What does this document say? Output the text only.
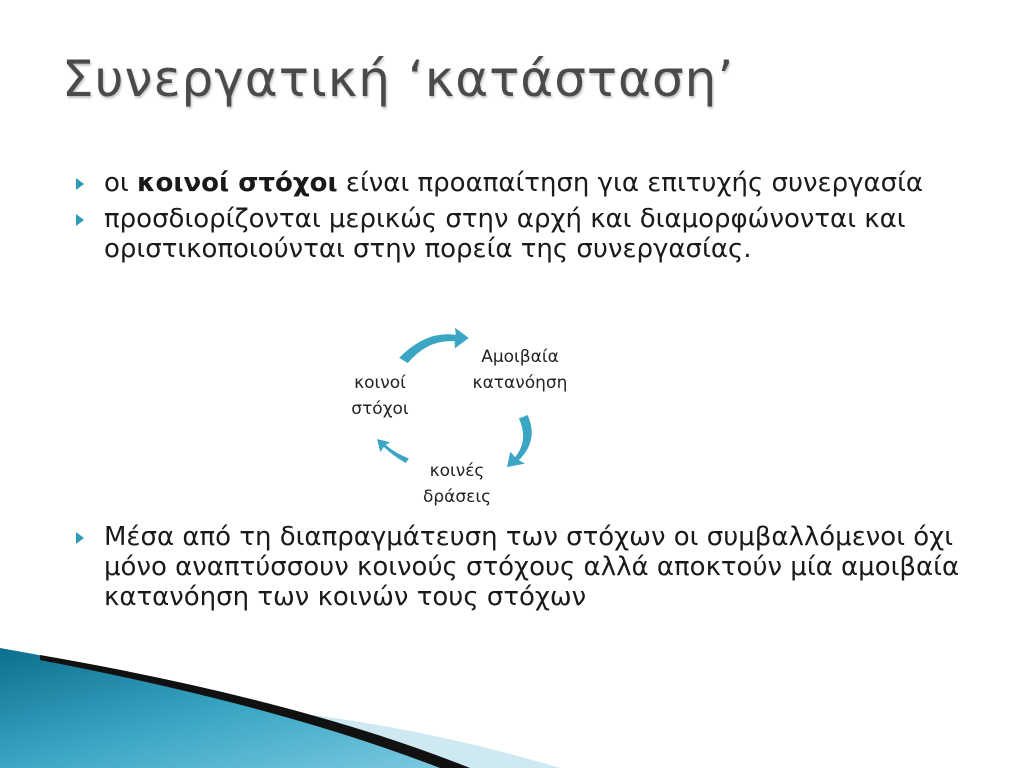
Συνεργατική ‘κατάσταση’
οι κοινοί στόχοι είναι προαπαίτηση για επιτυχής συνεργασία
προσδιορίζονται μερικώς στην αρχή και διαμορφώνονται και οριστικοποιούνται στην πορεία της συνεργασίας.
κοινοί
στόχοι
Αμοιβαία
κατανόηση
κοινές
δράσεις
Μέσα από τη διαπραγμάτευση των στόχων οι συμβαλλόμενοι όχι μόνο αναπτύσσουν κοινούς στόχους αλλά αποκτούν μία αμοιβαία κατανόηση των κοινών τους στόχων
